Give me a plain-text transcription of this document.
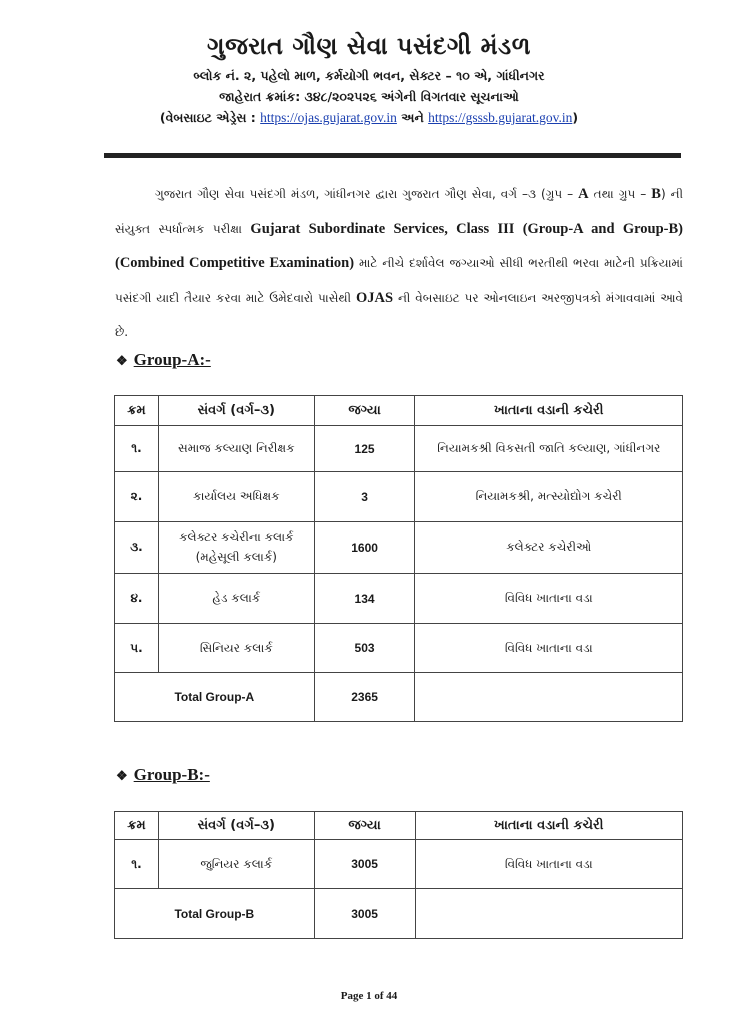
ગુજરાત ગૌણ સેવા પસંદગી મંડળ
બ્લોક નં. ૨, પહેલો માળ, કર્મયોગી ભવન, સેક્ટર – ૧૦ એ, ગાંધીનગર
જાહેરાત ક્રમાંક: ૩૪૮/૨૦૨૫૨૬ અંગેની વિગતવાર સૂચનાઓ
(વેબસાઇટ એડ્રેસ : https://ojas.gujarat.gov.in અને https://gsssb.gujarat.gov.in)
ગુજરાત ગૌણ સેવા પસંદગી મંડળ, ગાંધીનગર દ્વારા ગુજરાત ગૌણ સેવા, વર્ગ –૩ (ગ્રુપ – A તથા ગ્રુપ – B) ની સંયુક્ત સ્પર્ધાત્મક પરીક્ષા Gujarat Subordinate Services, Class III (Group-A and Group-B) (Combined Competitive Examination) માટે નીચે દર્શાવેલ જગ્યાઓ સીધી ભરતીથી ભરવા માટેની પ્રક્રિયામાં પસંદગી યાદી તૈયાર કરવા માટે ઉમેદવારો પાસેથી OJAS ની વેબસાઇટ પર ઓનલાઇન અરજીપત્રકો મંગાવવામાં આવે છે.
❖ Group-A:-
ક્રમ	સંવર્ગ (વર્ગ–૩)	જગ્યા	ખાતાના વડાની કચેરી
૧.	સમાજ કલ્યાણ નિરીક્ષક	125	નિયામકશ્રી વિકસતી જાતિ કલ્યાણ, ગાંધીનગર
૨.	કાર્યાલય અધિક્ષક	3	નિયામકશ્રી, મત્સ્યોદ્યોગ કચેરી
૩.	કલેક્ટર કચેરીના કલાર્ક
(મહેસૂલી કલાર્ક)	1600	કલેક્ટર કચેરીઓ
૪.	હેડ કલાર્ક	134	વિવિધ ખાતાના વડા
૫.	સિનિયર કલાર્ક	503	વિવિધ ખાતાના વડા
Total Group-A		2365	
❖ Group-B:-
ક્રમ	સંવર્ગ (વર્ગ–૩)	જગ્યા	ખાતાના વડાની કચેરી
૧.	જુનિયર કલાર્ક	3005	વિવિધ ખાતાના વડા
Total Group-B		3005	
Page 1 of 44
